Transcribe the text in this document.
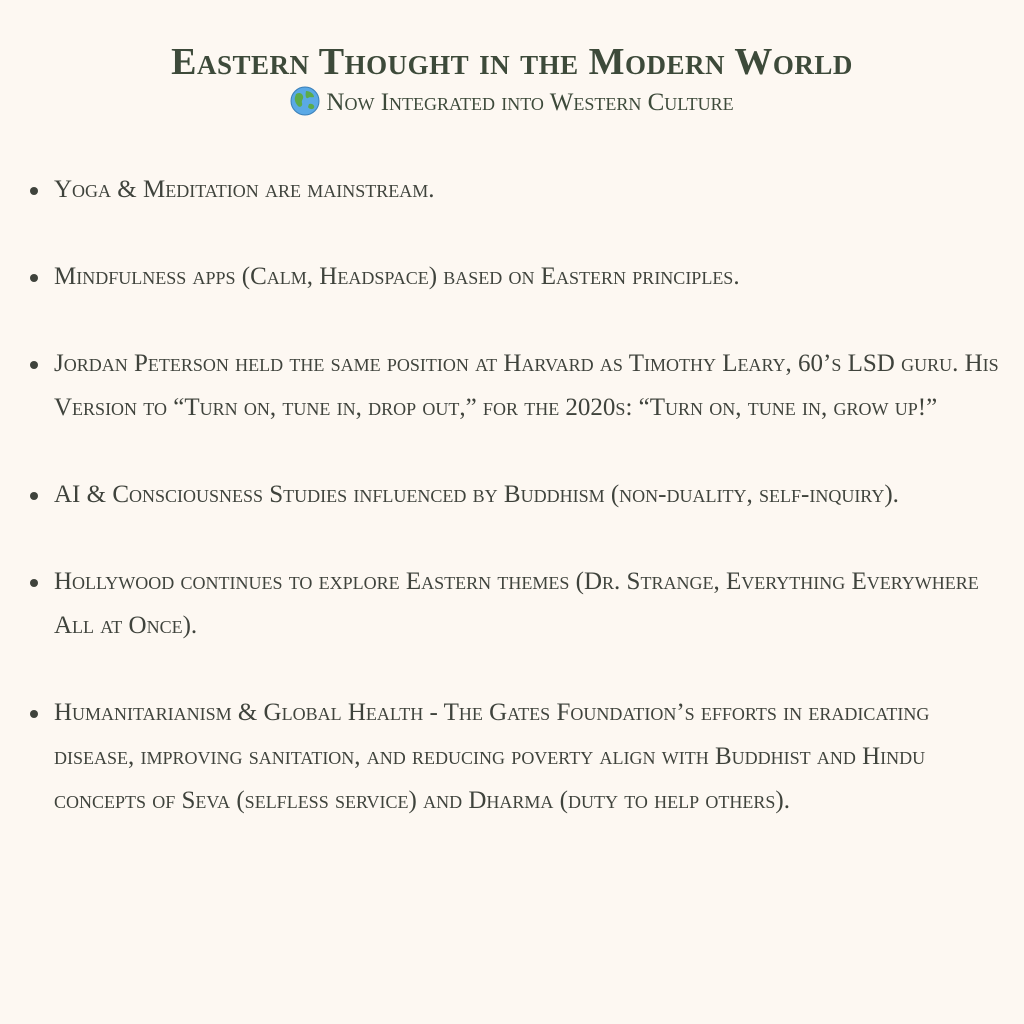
Eastern Thought in the Modern World

Now Integrated into Western Culture

Yoga & Meditation are mainstream.
Mindfulness apps (Calm, Headspace) based on Eastern principles.
Jordan Peterson held the same position at Harvard as Timothy Leary, 60’s LSD guru. His Version to “Turn on, tune in, drop out,” for the 2020s: “Turn on, tune in, grow up!”
AI & Consciousness Studies influenced by Buddhism (non-duality, self-inquiry).
Hollywood continues to explore Eastern themes (Dr. Strange, Everything Everywhere All at Once).
Humanitarianism & Global Health - The Gates Foundation’s efforts in eradicating disease, improving sanitation, and reducing poverty align with Buddhist and Hindu concepts of Seva (selfless service) and Dharma (duty to help others).
